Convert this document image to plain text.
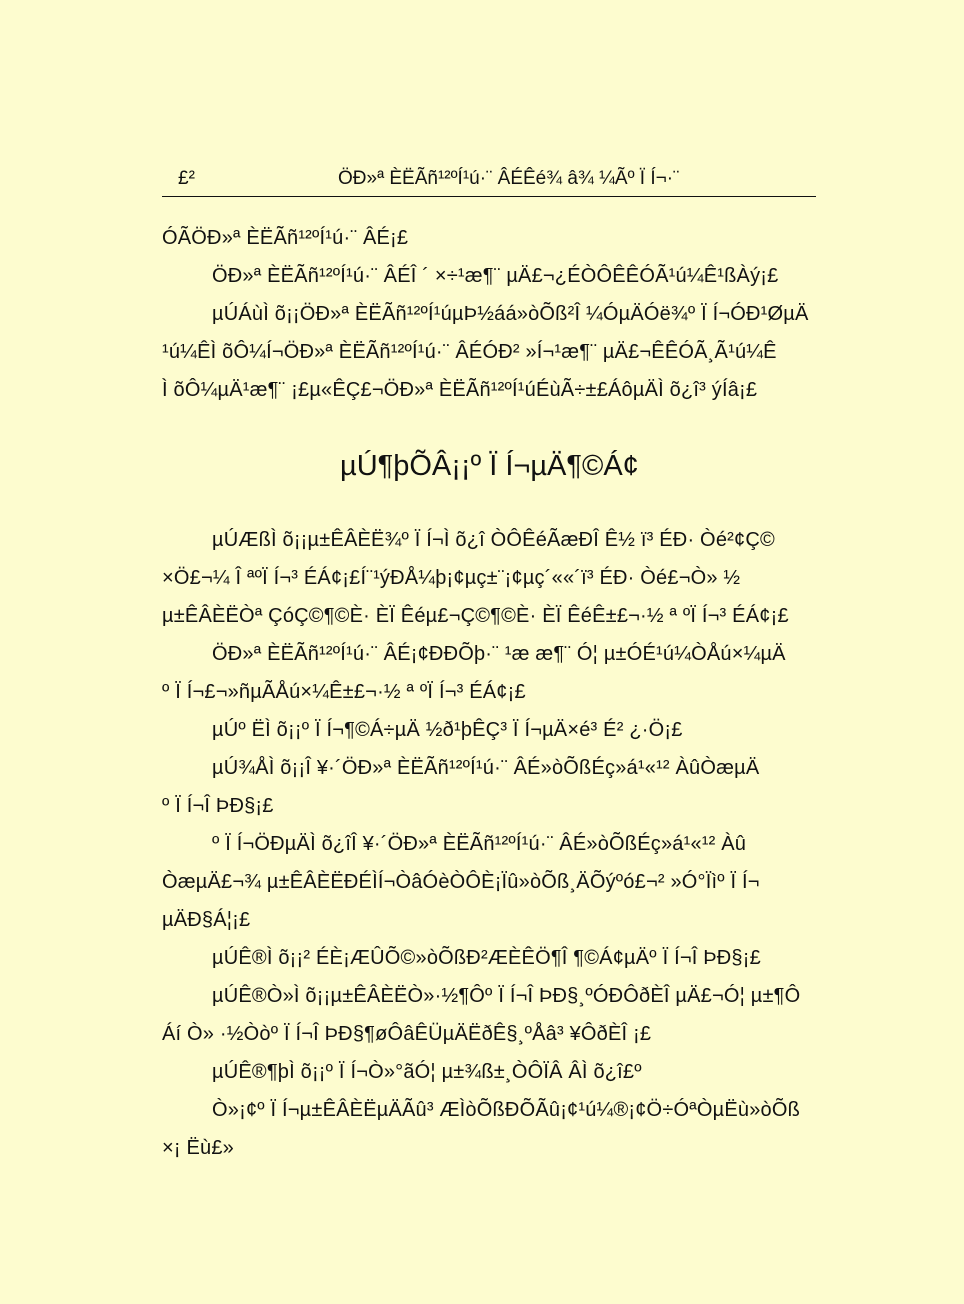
£²	ÖÐ»ª ÈËÃñ¹²ºÍ¹ú·¨ ÂÉÊé¾ â¾ ¼Ãº Ï Í¬·¨
ÓÃÖÐ»ª ÈËÃñ¹²ºÍ¹ú·¨ ÂÉ¡£
ÖÐ»ª ÈËÃñ¹²ºÍ¹ú·¨ ÂÉÎ ´ ×÷¹æ¶¨ µÄ£¬¿ÉÒÔÊÊÓÃ¹ú¼Ê¹ßÀý¡£
µÚÁùÌ õ¡¡ÖÐ»ª ÈËÃñ¹²ºÍ¹úµÞ½áá»òÕß²Î ¼ÓµÄÓë¾º Ï Í¬ÓÐ¹ØµÄ
¹ú¼ÊÌ õÔ¼Í¬ÖÐ»ª ÈËÃñ¹²ºÍ¹ú·¨ ÂÉÓÐ² »Í¬¹æ¶¨ µÄ£¬ÊÊÓÃ¸Ã¹ú¼Ê
Ì õÔ¼µÄ¹æ¶¨ ¡£µ«ÊÇ£¬ÖÐ»ª ÈËÃñ¹²ºÍ¹úÉùÃ÷±£ÁôµÄÌ õ¿î³ ýÍâ¡£
µÚ¶þÕÂ¡¡º Ï Í¬µÄ¶©Á¢
µÚÆßÌ õ¡¡µ±ÊÂÈË¾º Ï Í¬Ì õ¿î ÒÔÊéÃæÐÎ Ê½ ï³ ÉÐ· Òé²¢Ç©
×Ö£¬¼ Î ªºÏ Í¬³ ÉÁ¢¡£Í¨¹ýÐÅ¼þ¡¢µç±¨¡¢µç´««´ï³ ÉÐ· Òé£¬Ò» ½
µ±ÊÂÈËÒª ÇóÇ©¶©È· ÈÏ Êéµ£¬Ç©¶©È· ÈÏ ÊéÊ±£¬·½ ª ºÏ Í¬³ ÉÁ¢¡£
ÖÐ»ª ÈËÃñ¹²ºÍ¹ú·¨ ÂÉ¡¢ÐÐÕþ·¨ ¹æ æ¶¨ Ó¦ µ±ÓÉ¹ú¼ÒÅú×¼µÄ
º Ï Í¬£¬»ñµÃÅú×¼Ê±£¬·½ ª ºÏ Í¬³ ÉÁ¢¡£
µÚº ËÌ õ¡¡º Ï Í¬¶©Á÷µÄ ½ð¹þÊÇ³ Ï Í¬µÄ×é³ É² ¿·Ö¡£
µÚ¾ÅÌ õ¡¡Î ¥·´ÖÐ»ª ÈËÃñ¹²ºÍ¹ú·¨ ÂÉ»òÕßÉç»á¹«¹² ÀûÒæµÄ
º Ï Í¬Î ÞÐ§¡£
º Ï Í¬ÖÐµÄÌ õ¿îÎ ¥·´ÖÐ»ª ÈËÃñ¹²ºÍ¹ú·¨ ÂÉ»òÕßÉç»á¹«¹² Àû
ÒæµÄ£¬¾ µ±ÊÂÈËÐÉÌÍ¬ÒâÓèÒÔÈ¡Ïû»òÕß¸ÄÕýºó£¬² »Ó°Ïìº Ï Í¬
µÄÐ§Á¦¡£
µÚÊ®Ì õ¡¡² ÉÈ¡ÆÛÕ©»òÕßÐ²ÆÈÊÖ¶Î ¶©Á¢µÄº Ï Í¬Î ÞÐ§¡£
µÚÊ®Ò»Ì õ¡¡µ±ÊÂÈËÒ»·½¶Ôº Ï Í¬Î ÞÐ§¸ºÓÐÔðÈÎ µÄ£¬Ó¦ µ±¶Ô
Áí Ò» ·½Òòº Ï Í¬Î ÞÐ§¶øÔâÊÜµÄËðÊ§¸ºÅâ³ ¥ÔðÈÎ ¡£
µÚÊ®¶þÌ õ¡¡º Ï Í¬Ò»°ãÓ¦ µ±¾ß±¸ÒÔÏÂ ÂÌ õ¿î£º
Ò»¡¢º Ï Í¬µ±ÊÂÈËµÄÃû³ ÆÌòÕßÐÕÃû¡¢¹ú¼®¡¢Ö÷ÓªÒµËù»òÕß
×¡ Ëù£»
